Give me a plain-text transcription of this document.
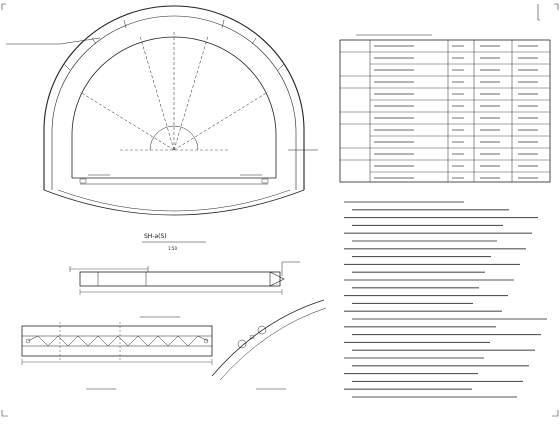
SH-a(S)
1:50
